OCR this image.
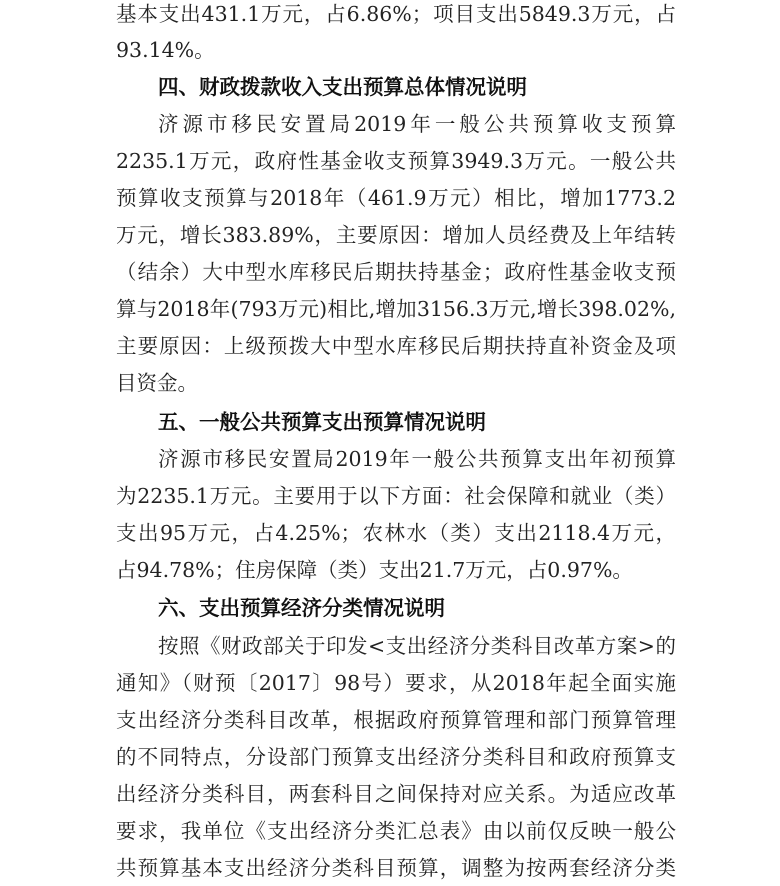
基本支出431.1万元，占6.86%；项目支出5849.3万元，占
93.14%。
四、财政拨款收入支出预算总体情况说明
济源市移民安置局2019年一般公共预算收支预算
2235.1万元，政府性基金收支预算3949.3万元。一般公共
预算收支预算与2018年（461.9万元）相比，增加1773.2
万元，增长383.89%，主要原因：增加人员经费及上年结转
（结余）大中型水库移民后期扶持基金；政府性基金收支预
算与2018年(793万元)相比,增加3156.3万元,增长398.02%,
主要原因：上级预拨大中型水库移民后期扶持直补资金及项
目资金。
五、一般公共预算支出预算情况说明
济源市移民安置局2019年一般公共预算支出年初预算
为2235.1万元。主要用于以下方面：社会保障和就业（类）
支出95万元，占4.25%；农林水（类）支出2118.4万元，
占94.78%；住房保障（类）支出21.7万元，占0.97%。
六、支出预算经济分类情况说明
按照《财政部关于印发<支出经济分类科目改革方案>的
通知》（财预〔2017〕98号）要求，从2018年起全面实施
支出经济分类科目改革，根据政府预算管理和部门预算管理
的不同特点，分设部门预算支出经济分类科目和政府预算支
出经济分类科目，两套科目之间保持对应关系。为适应改革
要求，我单位《支出经济分类汇总表》由以前仅反映一般公
共预算基本支出经济分类科目预算，调整为按两套经济分类
